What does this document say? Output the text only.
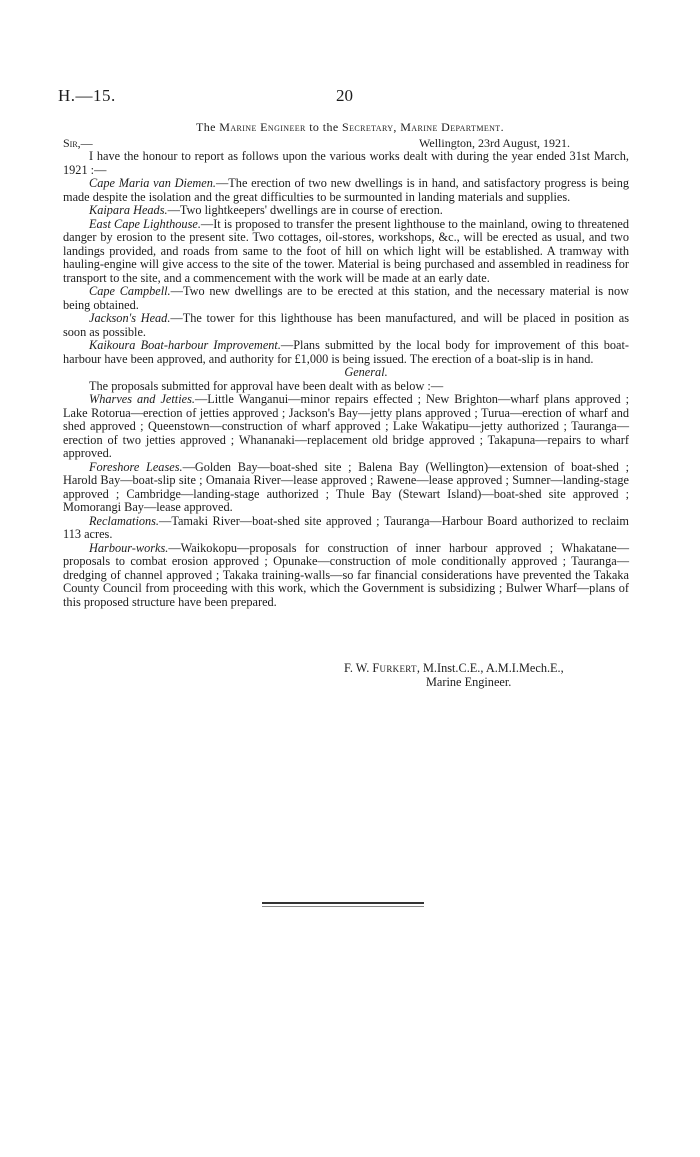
H.—15.	20
The Marine Engineer to the Secretary, Marine Department.
Sir,—	Wellington, 23rd August, 1921.

I have the honour to report as follows upon the various works dealt with during the year ended 31st March, 1921 :—

Cape Maria van Diemen.—The erection of two new dwellings is in hand, and satisfactory progress is being made despite the isolation and the great difficulties to be surmounted in landing materials and supplies.

Kaipara Heads.—Two lightkeepers' dwellings are in course of erection.

East Cape Lighthouse.—It is proposed to transfer the present lighthouse to the mainland, owing to threatened danger by erosion to the present site. Two cottages, oil-stores, workshops, &c., will be erected as usual, and two landings provided, and roads from same to the foot of hill on which light will be established. A tramway with hauling-engine will give access to the site of the tower. Material is being purchased and assembled in readiness for transport to the site, and a commencement with the work will be made at an early date.

Cape Campbell.—Two new dwellings are to be erected at this station, and the necessary material is now being obtained.

Jackson's Head.—The tower for this lighthouse has been manufactured, and will be placed in position as soon as possible.

Kaikoura Boat-harbour Improvement.—Plans submitted by the local body for improvement of this boat-harbour have been approved, and authority for £1,000 is being issued. The erection of a boat-slip is in hand.

General.

The proposals submitted for approval have been dealt with as below :—

Wharves and Jetties.—Little Wanganui—minor repairs effected ; New Brighton—wharf plans approved ; Lake Rotorua—erection of jetties approved ; Jackson's Bay—jetty plans approved ; Turua—erection of wharf and shed approved ; Queenstown—construction of wharf approved ; Lake Wakatipu—jetty authorized ; Tauranga—erection of two jetties approved ; Whananaki—replacement old bridge approved ; Takapuna—repairs to wharf approved.

Foreshore Leases.—Golden Bay—boat-shed site ; Balena Bay (Wellington)—extension of boat-shed ; Harold Bay—boat-slip site ; Omanaia River—lease approved ; Rawene—lease approved ; Sumner—landing-stage approved ; Cambridge—landing-stage authorized ; Thule Bay (Stewart Island)—boat-shed site approved ; Momorangi Bay—lease approved.

Reclamations.—Tamaki River—boat-shed site approved ; Tauranga—Harbour Board authorized to reclaim 113 acres.

Harbour-works.—Waikokopu—proposals for construction of inner harbour approved ; Whakatane—proposals to combat erosion approved ; Opunake—construction of mole conditionally approved ; Tauranga—dredging of channel approved ; Takaka training-walls—so far financial considerations have prevented the Takaka County Council from proceeding with this work, which the Government is subsidizing ; Bulwer Wharf—plans of this proposed structure have been prepared.

F. W. Furkert, M.Inst.C.E., A.M.I.Mech.E.,
Marine Engineer.
